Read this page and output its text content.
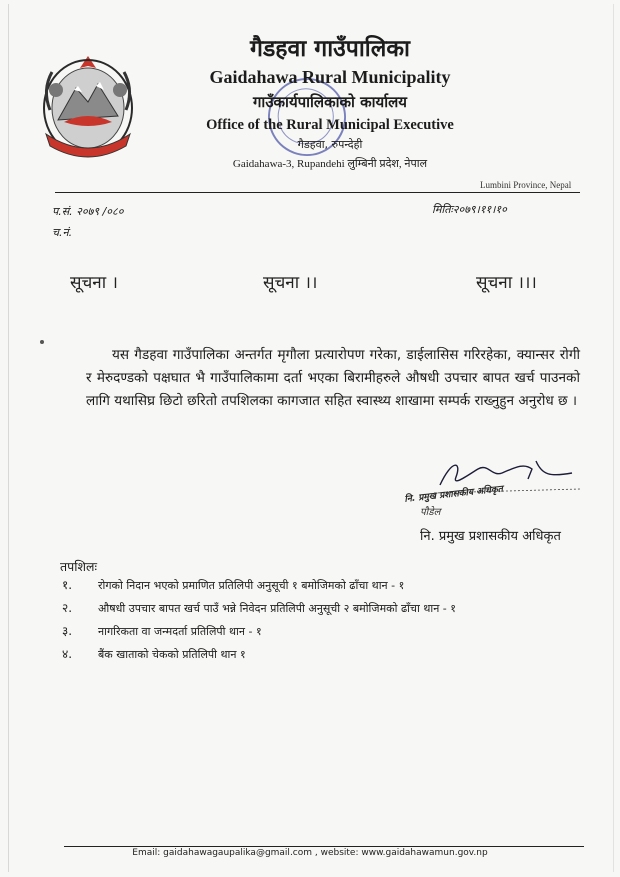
गैडहवा गाउँपालिका

Gaidahawa Rural Municipality

गाउँकार्यपालिकाको कार्यालय

Office of the Rural Municipal Executive

गैडहवा, रुपन्देही

Gaidahawa-3, Rupandehi लुम्बिनी प्रदेश, नेपाल

Lumbini Province, Nepal
प.सं. २०७९ /०८०
च.नं.
मितिः२०७९।११।१०
सूचना ।	सूचना ।।	सूचना ।।।

यस गैडहवा गाउँपालिका अन्तर्गत मृगौला प्रत्यारोपण गरेका, डाईलासिस गरिरहेका, क्यान्सर रोगी र मेरुदण्डको पक्षघात भै गाउँपालिकामा दर्ता भएका बिरामीहरुले औषधी उपचार बापत खर्च पाउनको लागि यथासिघ्र छिटो छरितो तपशिलका कागजात सहित स्वास्थ्य शाखामा सम्पर्क राख्नुहुन अनुरोध छ ।

नि. प्रमुख प्रशासकीय अधिकृत
पौडेल
नि. प्रमुख प्रशासकीय अधिकृत

तपशिलः

१. रोगको निदान भएको प्रमाणित प्रतिलिपी अनुसूची १ बमोजिमको ढाँचा थान - १
२. औषधी उपचार बापत खर्च पाउँ भन्ने निवेदन प्रतिलिपी अनुसूची २ बमोजिमको ढाँचा थान - १
३. नागरिकता वा जन्मदर्ता प्रतिलिपी थान - १
४. बैंक खाताको चेकको प्रतिलिपी थान १
Email: gaidahawagaupalika@gmail.com , website: www.gaidahawamun.gov.np
